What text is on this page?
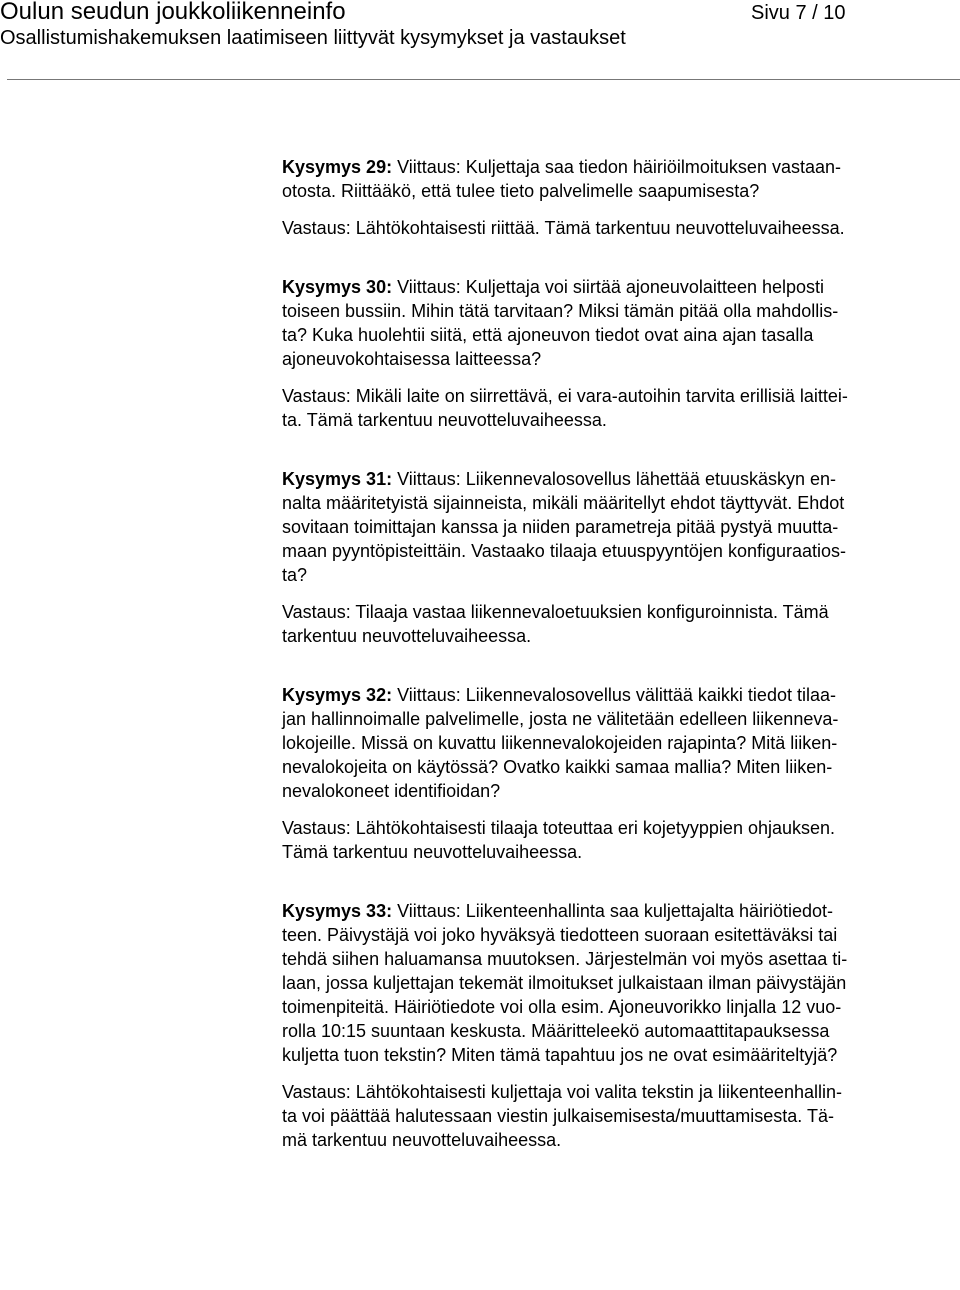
Oulun seudun joukkoliikenneinfo	Sivu 7 / 10
Osallistumishakemuksen laatimiseen liittyvät kysymykset ja vastaukset

Kysymys 29: Viittaus: Kuljettaja saa tiedon häiriöilmoituksen vastaan-
otosta. Riittääkö, että tulee tieto palvelimelle saapumisesta?

Vastaus: Lähtökohtaisesti riittää. Tämä tarkentuu neuvotteluvaiheessa.

Kysymys 30: Viittaus: Kuljettaja voi siirtää ajoneuvolaitteen helposti
toiseen bussiin. Mihin tätä tarvitaan? Miksi tämän pitää olla mahdollis-
ta? Kuka huolehtii siitä, että ajoneuvon tiedot ovat aina ajan tasalla
ajoneuvokohtaisessa laitteessa?

Vastaus: Mikäli laite on siirrettävä, ei vara-autoihin tarvita erillisiä laittei-
ta. Tämä tarkentuu neuvotteluvaiheessa.

Kysymys 31: Viittaus: Liikennevalosovellus lähettää etuuskäskyn en-
nalta määritetyistä sijainneista, mikäli määritellyt ehdot täyttyvät. Ehdot
sovitaan toimittajan kanssa ja niiden parametreja pitää pystyä muutta-
maan pyyntöpisteittäin. Vastaako tilaaja etuuspyyntöjen konfiguraatios-
ta?

Vastaus: Tilaaja vastaa liikennevaloetuuksien konfiguroinnista. Tämä
tarkentuu neuvotteluvaiheessa.

Kysymys 32: Viittaus: Liikennevalosovellus välittää kaikki tiedot tilaa-
jan hallinnoimalle palvelimelle, josta ne välitetään edelleen liikenneva-
lokojeille. Missä on kuvattu liikennevalokojeiden rajapinta? Mitä liiken-
nevalokojeita on käytössä? Ovatko kaikki samaa mallia? Miten liiken-
nevalokoneet identifioidan?

Vastaus: Lähtökohtaisesti tilaaja toteuttaa eri kojetyyppien ohjauksen.
Tämä tarkentuu neuvotteluvaiheessa.

Kysymys 33: Viittaus: Liikenteenhallinta saa kuljettajalta häiriötiedot-
teen. Päivystäjä voi joko hyväksyä tiedotteen suoraan esitettäväksi tai
tehdä siihen haluamansa muutoksen. Järjestelmän voi myös asettaa ti-
laan, jossa kuljettajan tekemät ilmoitukset julkaistaan ilman päivystäjän
toimenpiteitä. Häiriötiedote voi olla esim. Ajoneuvorikko linjalla 12 vuo-
rolla 10:15 suuntaan keskusta. Määritteleekö automaattitapauksessa
kuljetta tuon tekstin? Miten tämä tapahtuu jos ne ovat esimääriteltyjä?

Vastaus: Lähtökohtaisesti kuljettaja voi valita tekstin ja liikenteenhallin-
ta voi päättää halutessaan viestin julkaisemisesta/muuttamisesta. Tä-
mä tarkentuu neuvotteluvaiheessa.
